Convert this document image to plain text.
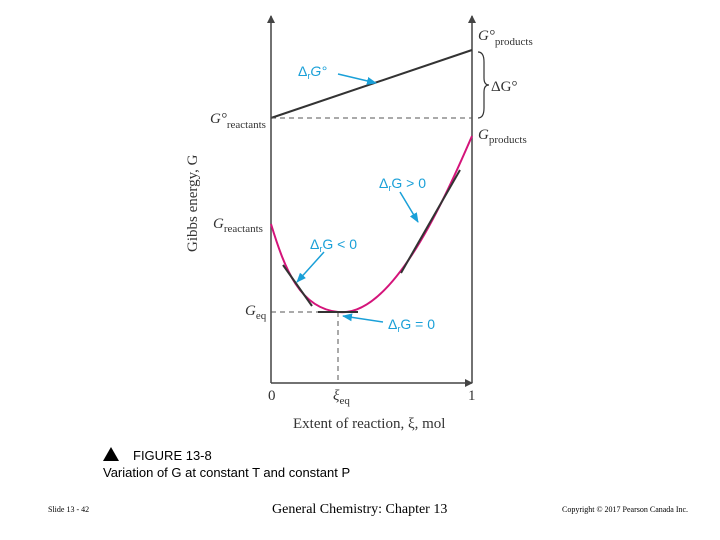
$\Delta_rG^\circ$
$\Delta_rG > 0$
$\Delta_rG < 0$
$\Delta_rG = 0$
$G^\circ_{reactants}$
$G^\circ_{products}$
$G_{reactants}$
$G_{products}$
$G_{eq}$
ΔG°
0	1
$\xi_{eq}$
Extent of reaction, ξ, mol
Gibbs energy, G
FIGURE 13-8
Variation of G at constant T and constant P
Slide 13 - 42	General Chemistry: Chapter 13	Copyright © 2017 Pearson Canada Inc.
